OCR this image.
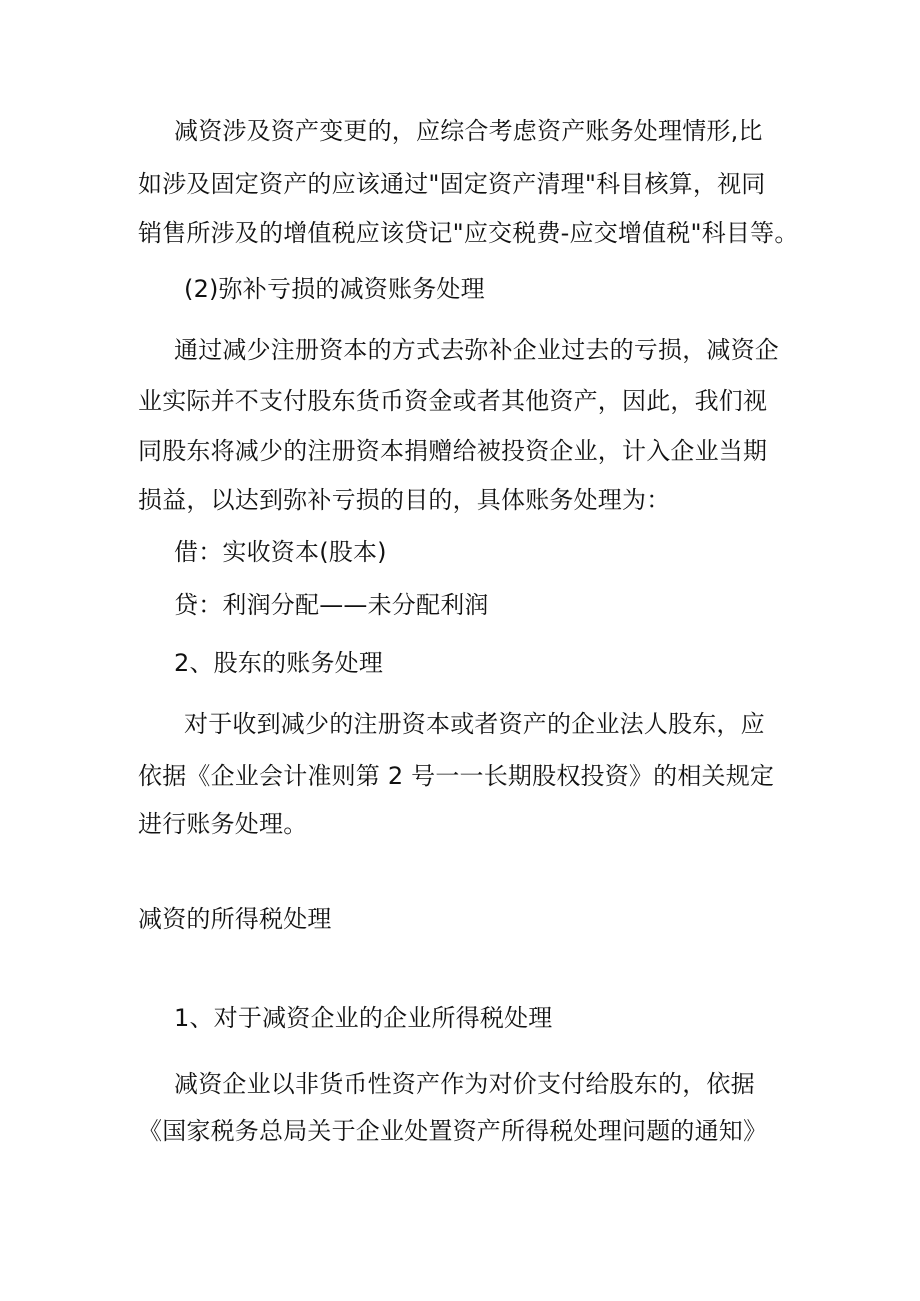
减资涉及资产变更的，应综合考虑资产账务处理情形,比
如涉及固定资产的应该通过"固定资产清理"科目核算，视同
销售所涉及的增值税应该贷记"应交税费-应交增值税"科目等。
(2)弥补亏损的减资账务处理
通过减少注册资本的方式去弥补企业过去的亏损，减资企
业实际并不支付股东货币资金或者其他资产，因此，我们视
同股东将减少的注册资本捐赠给被投资企业，计入企业当期
损益，以达到弥补亏损的目的，具体账务处理为：
借：实收资本(股本)
贷：利润分配——未分配利润
2、股东的账务处理
对于收到减少的注册资本或者资产的企业法人股东，应
依据《企业会计准则第 2 号一一长期股权投资》的相关规定
进行账务处理。
减资的所得税处理
1、对于减资企业的企业所得税处理
减资企业以非货币性资产作为对价支付给股东的，依据
《国家税务总局关于企业处置资产所得税处理问题的通知》
